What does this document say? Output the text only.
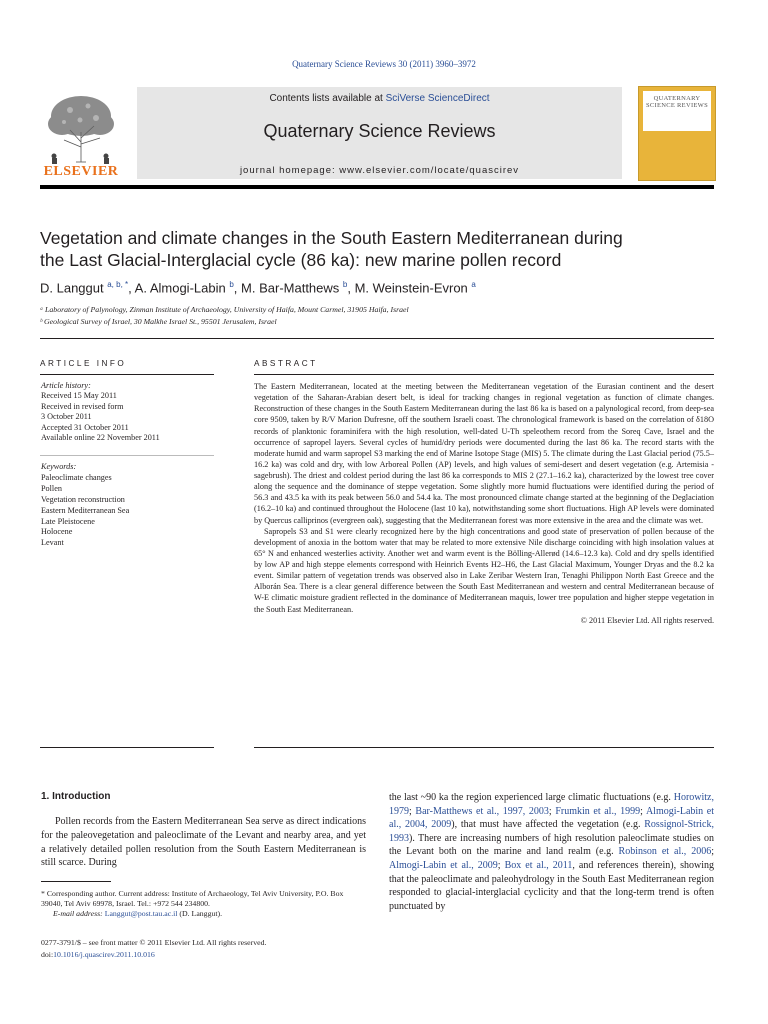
Quaternary Science Reviews 30 (2011) 3960–3972
ELSEVIER
Contents lists available at SciVerse ScienceDirect
Quaternary Science Reviews
journal homepage: www.elsevier.com/locate/quascirev
QUATERNARY SCIENCE REVIEWS
Vegetation and climate changes in the South Eastern Mediterranean during
the Last Glacial-Interglacial cycle (86 ka): new marine pollen record
D. Langgut $^{a, b, *}$, A. Almogi-Labin $^b$, M. Bar-Matthews $^b$, M. Weinstein-Evron $^a$
ᵃ Laboratory of Palynology, Zinman Institute of Archaeology, University of Haifa, Mount Carmel, 31905 Haifa, Israel
ᵇ Geological Survey of Israel, 30 Malkhe Israel St., 95501 Jerusalem, Israel
ARTICLE INFO	ABSTRACT
Article history:
Received 15 May 2011
Received in revised form
3 October 2011
Accepted 31 October 2011
Available online 22 November 2011
Keywords:
Paleoclimate changes
Pollen
Vegetation reconstruction
Eastern Mediterranean Sea
Late Pleistocene
Holocene
Levant

The Eastern Mediterranean, located at the meeting between the Mediterranean vegetation of the Eurasian continent and the desert vegetation of the Saharan-Arabian desert belt, is ideal for tracking changes in regional vegetation as function of climate changes. Reconstruction of these changes in the South Eastern Mediterranean during the last 86 ka is based on a palynological record, from deep-sea core 9509, taken by R/V Marion Dufresne, off the southern Israeli coast. The chronological framework is based on the correlation of δ18O records of planktonic foraminifera with the high resolution, well-dated U-Th speleothem record from the Soreq Cave, Israel and the occurrence of sapropel layers. Several cycles of humid/dry periods were documented during the last 86 ka. The record starts with the moderate humid and warm sapropel S3 marking the end of Marine Isotope Stage (MIS) 5. The climate during the Last Glacial period (75.5–16.2 ka) was cold and dry, with low Arboreal Pollen (AP) levels, and high values of semi-desert and desert vegetation (e.g. Artemisia - sagebrush). The driest and coldest period during the last 86 ka corresponds to MIS 2 (27.1–16.2 ka), characterized by the lowest tree cover along the sequence and the dominance of steppe vegetation. Some slightly more humid fluctuations were identified during the period of 56.3 and 43.5 ka with its peak between 56.0 and 54.4 ka. The most pronounced climate change started at the beginning of the Deglaciation (16.2–10 ka) and continued throughout the Holocene (last 10 ka), notwithstanding some short fluctuations. High AP levels were dominated by Quercus calliprinos (evergreen oak), suggesting that the Mediterranean forest was more extensive in the area and the climate was wet.

Sapropels S3 and S1 were clearly recognized here by the high concentrations and good state of preservation of pollen because of the development of anoxia in the bottom water that may be related to more extensive Nile discharge coinciding with high insolation values at 65° N and enhanced westerlies activity. Another wet and warm event is the Bölling-Allerød (14.6–12.3 ka). Cold and dry spells identified by low AP and high steppe elements correspond with Heinrich Events H2–H6, the Last Glacial Maximum, Younger Dryas and the 8.2 ka event. Similar pattern of vegetation trends was observed also in Lake Zeribar Western Iran, Tenaghi Philippon North East Greece and the Alborán Sea. There is a clear general difference between the South East Mediterranean and western and central Mediterranean because of W-E climatic moisture gradient reflected in the dominance of Mediterranean maquis, lower tree population and higher steppe vegetation in the South East Mediterranean.

© 2011 Elsevier Ltd. All rights reserved.
1. Introduction
Pollen records from the Eastern Mediterranean Sea serve as direct indications for the paleovegetation and paleoclimate of the Levant and nearby area, and yet a relatively detailed pollen resolution from the South Eastern Mediterranean is still scarce. During
the last ~90 ka the region experienced large climatic fluctuations (e.g. Horowitz, 1979; Bar-Matthews et al., 1997, 2003; Frumkin et al., 1999; Almogi-Labin et al., 2004, 2009), that must have affected the vegetation (e.g. Rossignol-Strick, 1993). There are increasing numbers of high resolution paleoclimate studies on the Levant both on the marine and land realm (e.g. Robinson et al., 2006; Almogi-Labin et al., 2009; Box et al., 2011, and references therein), showing that the paleoclimate and paleohydrology in the South East Mediterranean region responded to glacial-interglacial cyclicity and that the long-term trend is often punctuated by
* Corresponding author. Current address: Institute of Archaeology, Tel Aviv University, P.O. Box 39040, Tel Aviv 69978, Israel. Tel.: +972 544 234800.
E-mail address: Langgut@post.tau.ac.il (D. Langgut).
0277-3791/$ – see front matter © 2011 Elsevier Ltd. All rights reserved.
doi:10.1016/j.quascirev.2011.10.016
